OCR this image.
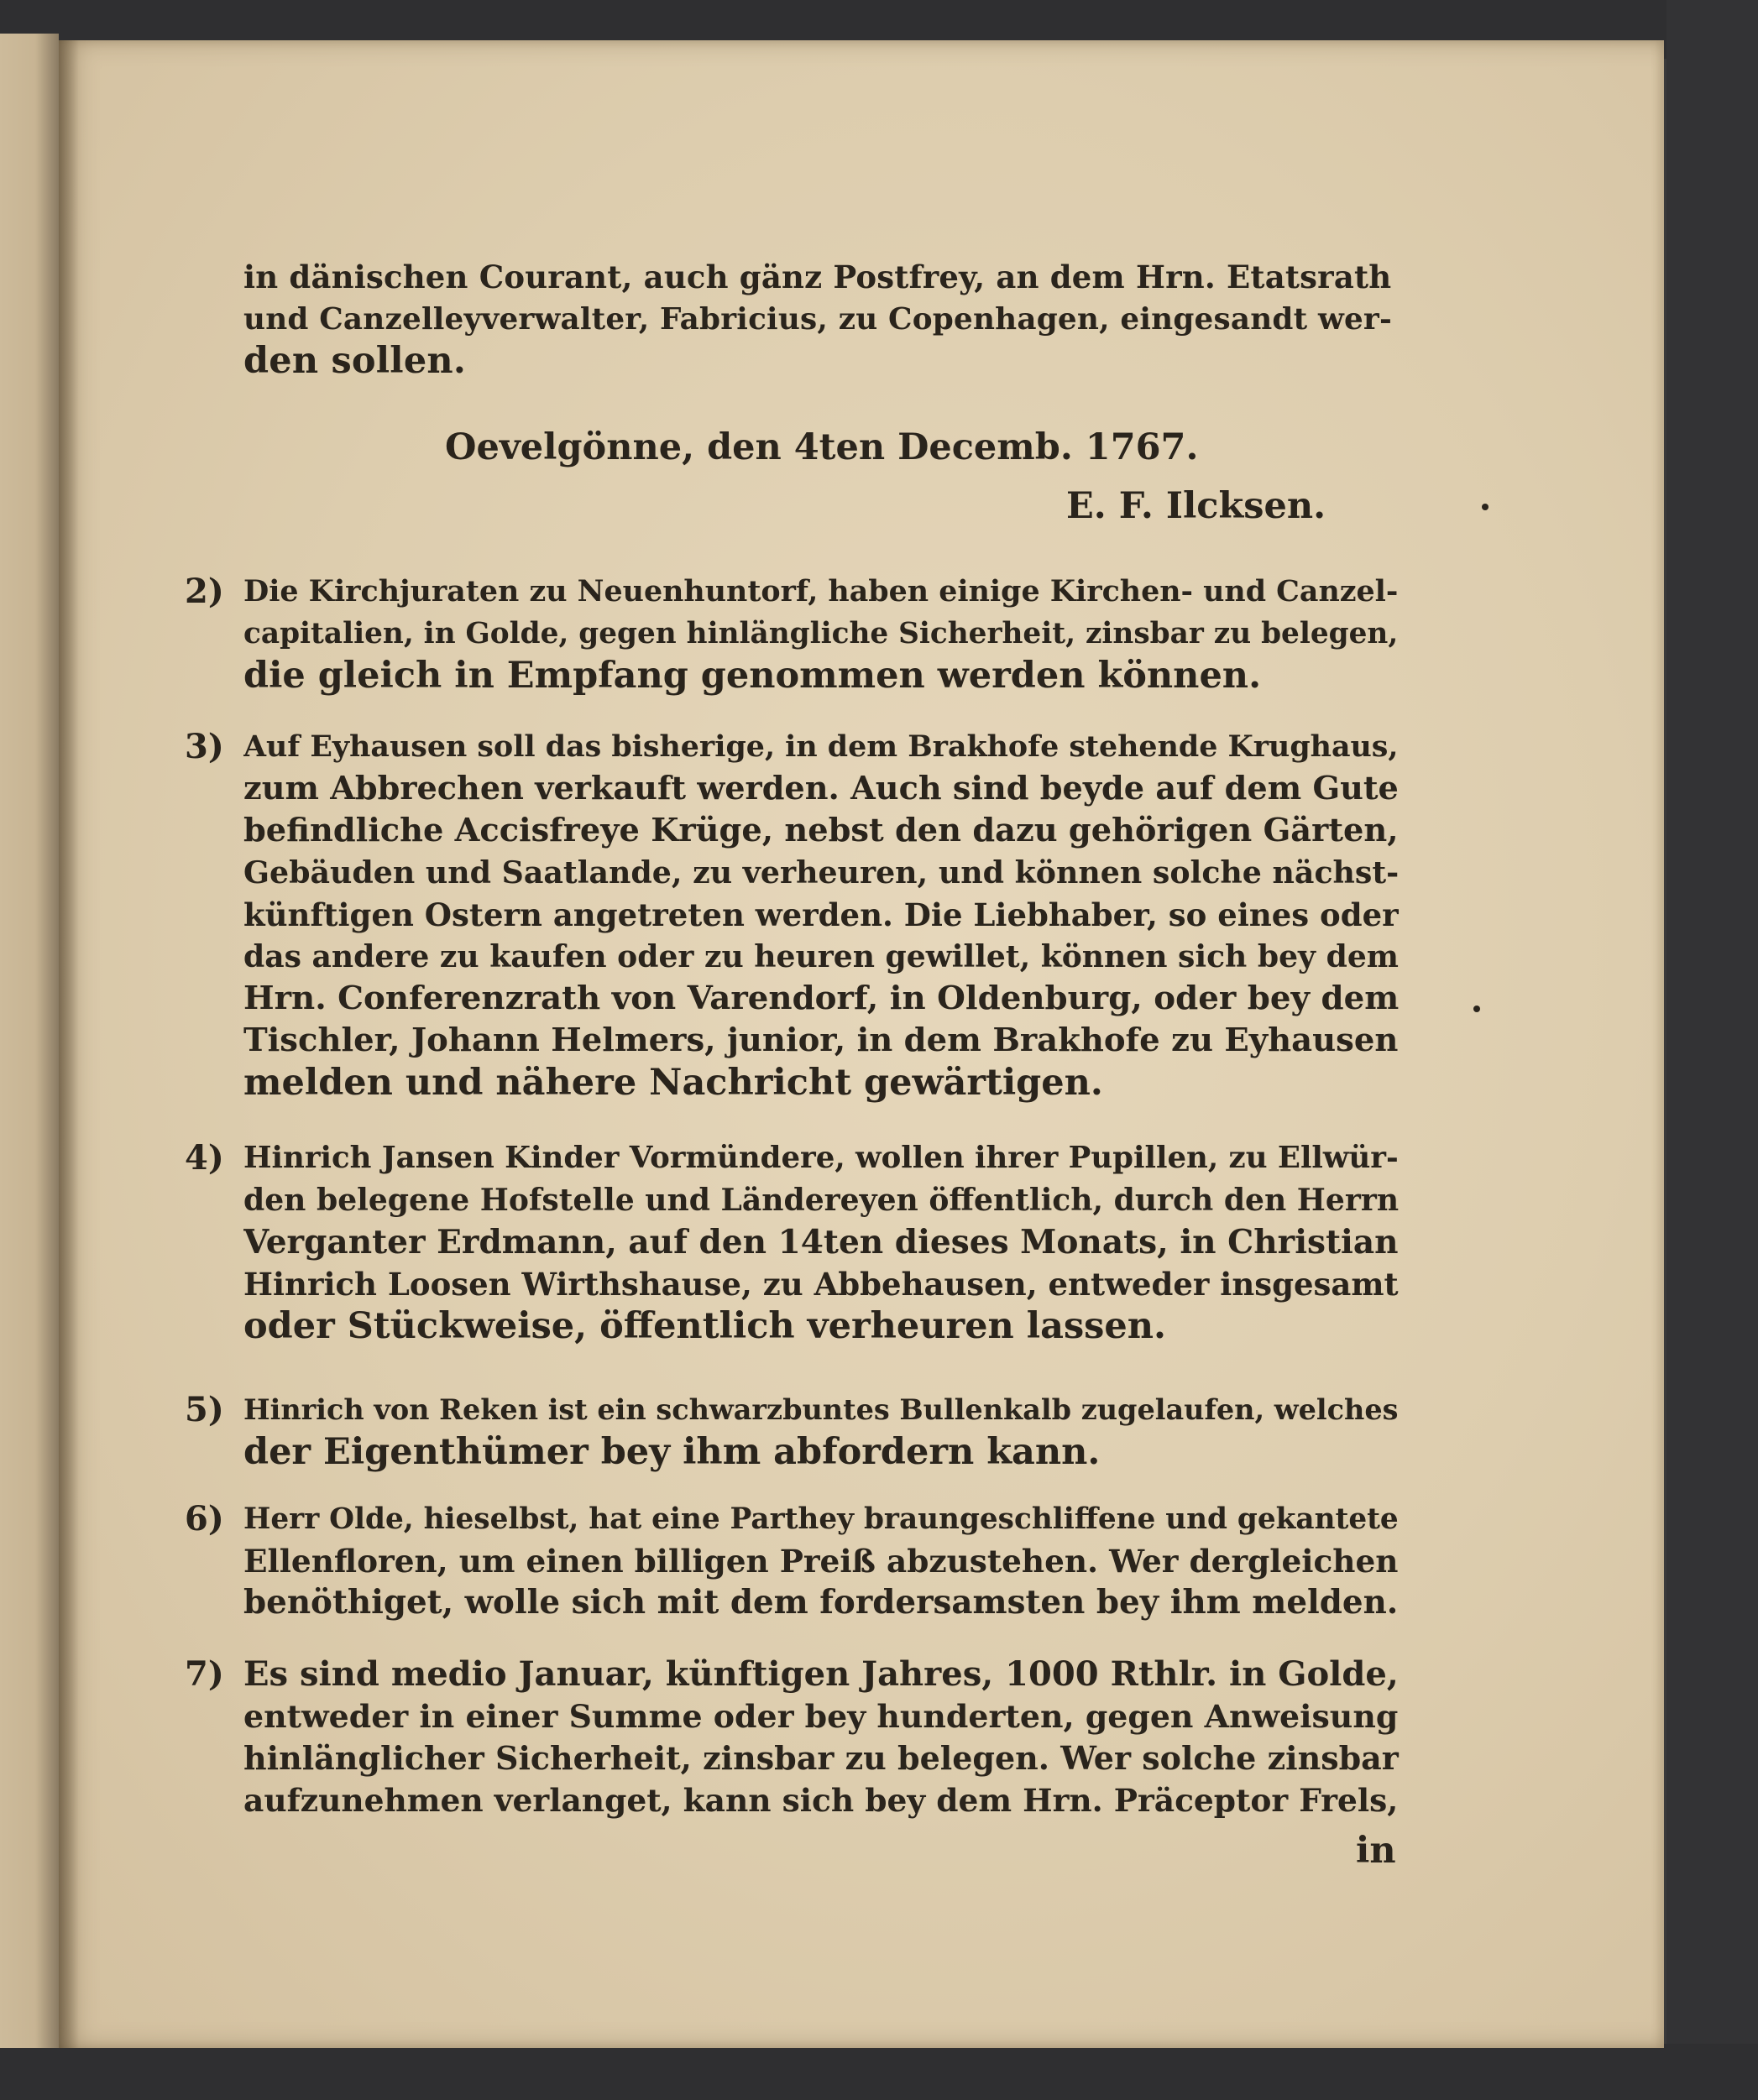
in dänischen Courant, auch gänz Postfrey, an dem Hrn. Etatsrath
und Canzelleyverwalter, Fabricius, zu Copenhagen, eingesandt wer-
den sollen.
Oevelgönne, den 4ten Decemb. 1767.
E. F. Ilcksen.
2) Die Kirchjuraten zu Neuenhuntorf, haben einige Kirchen- und Canzel-
capitalien, in Golde, gegen hinlängliche Sicherheit, zinsbar zu belegen,
die gleich in Empfang genommen werden können.
3) Auf Eyhausen soll das bisherige, in dem Brakhofe stehende Krughaus,
zum Abbrechen verkauft werden. Auch sind beyde auf dem Gute
befindliche Accisfreye Krüge, nebst den dazu gehörigen Gärten,
Gebäuden und Saatlande, zu verheuren, und können solche nächst-
künftigen Ostern angetreten werden. Die Liebhaber, so eines oder
das andere zu kaufen oder zu heuren gewillet, können sich bey dem
Hrn. Conferenzrath von Varendorf, in Oldenburg, oder bey dem
Tischler, Johann Helmers, junior, in dem Brakhofe zu Eyhausen
melden und nähere Nachricht gewärtigen.
4) Hinrich Jansen Kinder Vormündere, wollen ihrer Pupillen, zu Ellwür-
den belegene Hofstelle und Ländereyen öffentlich, durch den Herrn
Verganter Erdmann, auf den 14ten dieses Monats, in Christian
Hinrich Loosen Wirthshause, zu Abbehausen, entweder insgesamt
oder Stückweise, öffentlich verheuren lassen.
5) Hinrich von Reken ist ein schwarzbuntes Bullenkalb zugelaufen, welches
der Eigenthümer bey ihm abfordern kann.
6) Herr Olde, hieselbst, hat eine Parthey braungeschliffene und gekantete
Ellenfloren, um einen billigen Preiß abzustehen. Wer dergleichen
benöthiget, wolle sich mit dem fordersamsten bey ihm melden.
7) Es sind medio Januar, künftigen Jahres, 1000 Rthlr. in Golde,
entweder in einer Summe oder bey hunderten, gegen Anweisung
hinlänglicher Sicherheit, zinsbar zu belegen. Wer solche zinsbar
aufzunehmen verlanget, kann sich bey dem Hrn. Präceptor Frels,
in
